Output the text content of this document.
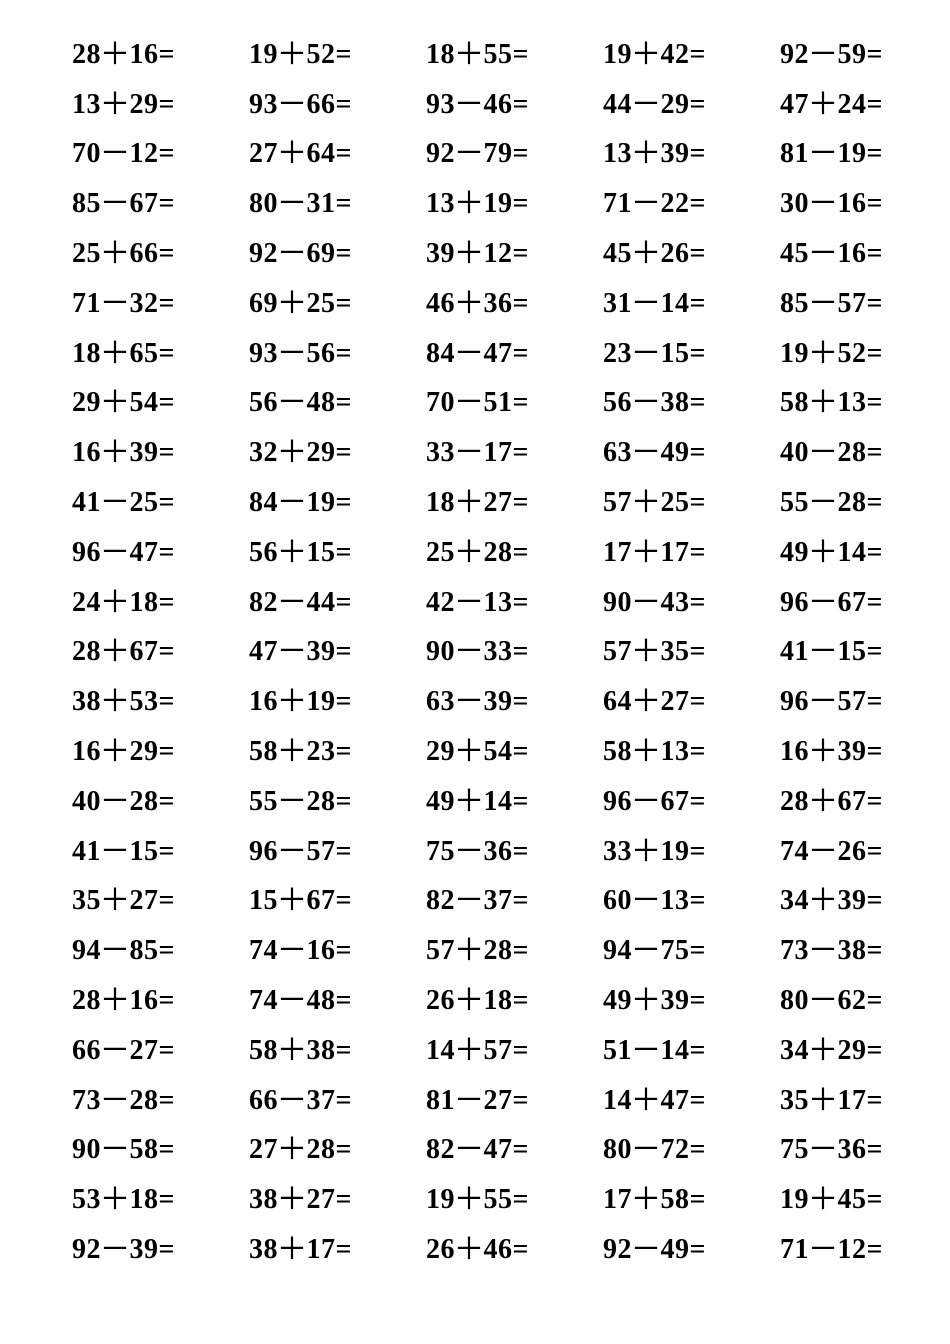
28＋16=	19＋52=	18＋55=	19＋42=	92－59=
13＋29=	93－66=	93－46=	44－29=	47＋24=
70－12=	27＋64=	92－79=	13＋39=	81－19=
85－67=	80－31=	13＋19=	71－22=	30－16=
25＋66=	92－69=	39＋12=	45＋26=	45－16=
71－32=	69＋25=	46＋36=	31－14=	85－57=
18＋65=	93－56=	84－47=	23－15=	19＋52=
29＋54=	56－48=	70－51=	56－38=	58＋13=
16＋39=	32＋29=	33－17=	63－49=	40－28=
41－25=	84－19=	18＋27=	57＋25=	55－28=
96－47=	56＋15=	25＋28=	17＋17=	49＋14=
24＋18=	82－44=	42－13=	90－43=	96－67=
28＋67=	47－39=	90－33=	57＋35=	41－15=
38＋53=	16＋19=	63－39=	64＋27=	96－57=
16＋29=	58＋23=	29＋54=	58＋13=	16＋39=
40－28=	55－28=	49＋14=	96－67=	28＋67=
41－15=	96－57=	75－36=	33＋19=	74－26=
35＋27=	15＋67=	82－37=	60－13=	34＋39=
94－85=	74－16=	57＋28=	94－75=	73－38=
28＋16=	74－48=	26＋18=	49＋39=	80－62=
66－27=	58＋38=	14＋57=	51－14=	34＋29=
73－28=	66－37=	81－27=	14＋47=	35＋17=
90－58=	27＋28=	82－47=	80－72=	75－36=
53＋18=	38＋27=	19＋55=	17＋58=	19＋45=
92－39=	38＋17=	26＋46=	92－49=	71－12=
